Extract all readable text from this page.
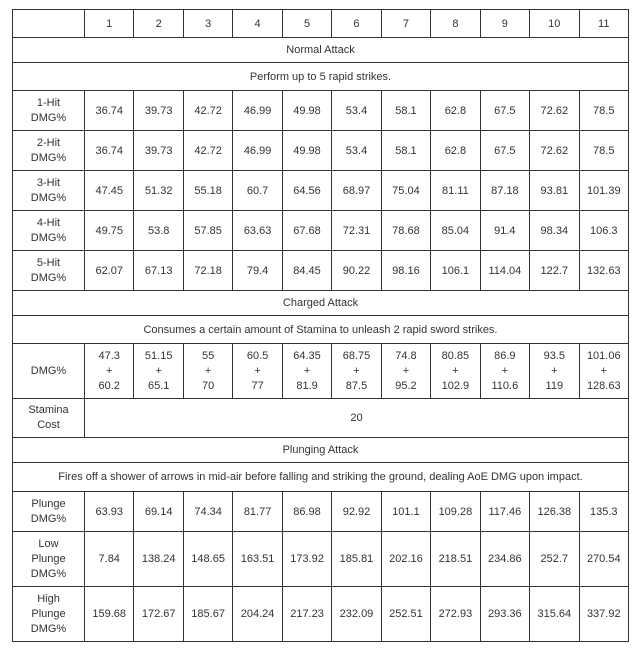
	1	2	3	4	5	6	7	8	9	10	11
Normal Attack											
Perform up to 5 rapid strikes.											

1-Hit
DMG%	36.74	39.73	42.72	46.99	49.98	53.4	58.1	62.8	67.5	72.62	78.5

2-Hit
DMG%	36.74	39.73	42.72	46.99	49.98	53.4	58.1	62.8	67.5	72.62	78.5

3-Hit
DMG%	47.45	51.32	55.18	60.7	64.56	68.97	75.04	81.11	87.18	93.81	101.39

4-Hit
DMG%	49.75	53.8	57.85	63.63	67.68	72.31	78.68	85.04	91.4	98.34	106.3

5-Hit
DMG%	62.07	67.13	72.18	79.4	84.45	90.22	98.16	106.1	114.04	122.7	132.63
Charged Attack											
Consumes a certain amount of Stamina to unleash 2 rapid sword strikes.											

DMG%	47.3
+
60.2	51.15
+
65.1	55
+
70	60.5
+
77	64.35
+
81.9	68.75
+
87.5	74.8
+
95.2	80.85
+
102.9	86.9
+
110.6	93.5
+
119	101.06
+
128.63

Stamina
Cost	20										
Plunging Attack											
Fires off a shower of arrows in mid-air before falling and striking the ground, dealing AoE DMG upon impact.											

Plunge
DMG%	63.93	69.14	74.34	81.77	86.98	92.92	101.1	109.28	117.46	126.38	135.3

Low
Plunge
DMG%	7.84	138.24	148.65	163.51	173.92	185.81	202.16	218.51	234.86	252.7	270.54

High
Plunge
DMG%	159.68	172.67	185.67	204.24	217.23	232.09	252.51	272.93	293.36	315.64	337.92
